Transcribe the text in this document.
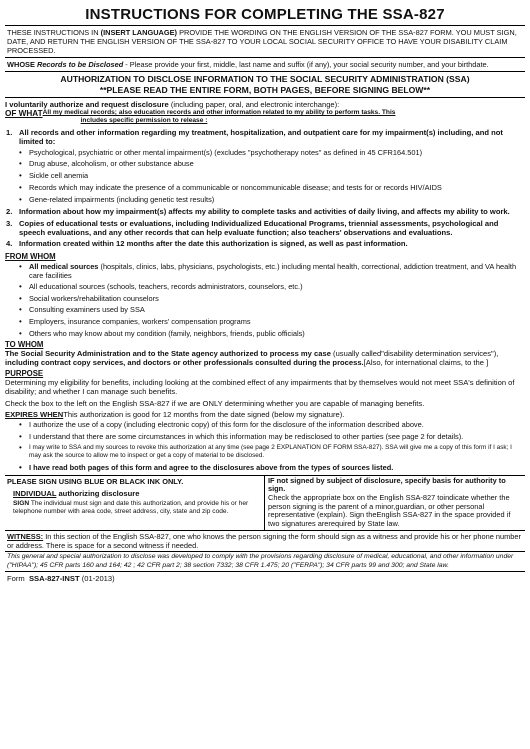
INSTRUCTIONS FOR COMPLETING THE SSA-827
THESE INSTRUCTIONS IN (INSERT LANGUAGE) PROVIDE THE WORDING ON THE ENGLISH VERSION OF THE SSA-827 FORM. YOU MUST SIGN, DATE, AND RETURN THE ENGLISH VERSION OF THE SSA-827 TO YOUR LOCAL SOCIAL SECURITY OFFICE TO HAVE YOUR DISABILITY CLAIM PROCESSED.
WHOSE Records to be Disclosed - Please provide your first, middle, last name and suffix (if any), your social security number, and your birthdate.
AUTHORIZATION TO DISCLOSE INFORMATION TO THE SOCIAL SECURITY ADMINISTRATION (SSA)
**PLEASE READ THE ENTIRE FORM, BOTH PAGES, BEFORE SIGNING BELOW**
I voluntarily authorize and request disclosure (including paper, oral, and electronic interchange):
OF WHAT All my medical records; also education records and other information related to my ability to perform tasks. This
includes specific permission to release :
1. All records and other information regarding my treatment, hospitalization, and outpatient care for my impairment(s) including, and not limited to:
• Psychological, psychiatric or other mental impairment(s) (excludes "psychotherapy notes" as defined in 45 CFR164.501)
• Drug abuse, alcoholism, or other substance abuse
• Sickle cell anemia
• Records which may indicate the presence of a communicable or noncommunicable disease; and tests for or records HIV/AIDS
• Gene-related impairments (including genetic test results)
2. Information about how my impairment(s) affects my ability to complete tasks and activities of daily living, and affects my ability to work.
3. Copies of educational tests or evaluations, including Individualized Educational Programs, triennial assessments, psychological and speech evaluations, and any other records that can help evaluate function; also teachers' observations and evaluations.
4. Information created within 12 months after the date this authorization is signed, as well as past information.
FROM WHOM
• All medical sources (hospitals, clinics, labs, physicians, psychologists, etc.) including mental health, correctional, addiction treatment, and VA health care facilities
• All educational sources (schools, teachers, records administrators, counselors, etc.)
• Social workers/rehabilitation counselors
• Consulting examiners used by SSA
• Employers, insurance companies, workers' compensation programs
• Others who may know about my condition (family, neighbors, friends, public officials)
TO WHOM
The Social Security Administration and to the State agency authorized to process my case (usually called"disability determination services"), including contract copy services, and doctors or other professionals consulted during the process.[Also, for international claims, to the ]
PURPOSE
Determining my eligibility for benefits, including looking at the combined effect of any impairments that by themselves would not meet SSA's definition of disability; and whether I can manage such benefits.
Check the box to the left on the English SSA-827 if we are ONLY determining whether you are capable of managing benefits.
EXPIRES WHENThis authorization is good for 12 months from the date signed (below my signature).
• I authorize the use of a copy (including electronic copy) of this form for the disclosure of the information described above.
• I understand that there are some circumstances in which this information may be redisclosed to other parties (see page 2 for details).
• I may write to SSA and my sources to revoke this authorization at any time (see page 2 EXPLANATION OF FORM SSA-827). SSA will give me a copy of this form if I ask; I may ask the source to allow me to inspect or get a copy of material to be disclosed.
• I have read both pages of this form and agree to the disclosures above from the types of sources listed.
PLEASE SIGN USING BLUE OR BLACK INK ONLY.
INDIVIDUAL authorizing disclosure
SIGN The individual must sign and date this authorization, and provide his or her telephone number with area code, street address, city, state and zip code.
IF not signed by subject of disclosure, specify basis for authority to sign.
Check the appropriate box on the English SSA-827 toindicate whether the person signing is the parent of a minor,guardian, or other personal representative (explain). Sign theEnglish SSA-827 in the space provided if two signatures arerequired by State law.
WITNESS: In this section of the English SSA-827, one who knows the person signing the form should sign as a witness and provide his or her phone number or address. There is space for a second witness if needed.
This general and special authorization to disclose was developed to comply with the provisions regarding disclosure of medical, educational, and other information under ("HIPAA"); 45 CFR parts 160 and 164; 42 ; 42 CFR part 2; 38 section 7332; 38 CFR 1.475; 20 ("FERPA"); 34 CFR parts 99 and 300; and State law.
Form SSA-827-INST (01-2013)
